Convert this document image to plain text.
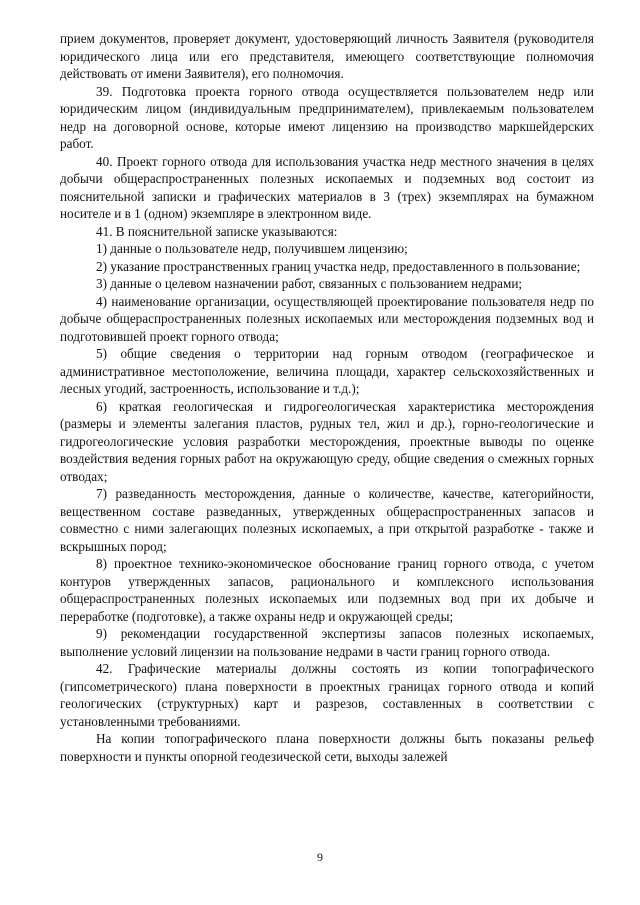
прием документов, проверяет документ, удостоверяющий личность Заявителя (руководителя юридического лица или его представителя, имеющего соответствующие полномочия действовать от имени Заявителя), его полномочия.

39. Подготовка проекта горного отвода осуществляется пользователем недр или юридическим лицом (индивидуальным предпринимателем), привлекаемым пользователем недр на договорной основе, которые имеют лицензию на производство маркшейдерских работ.

40. Проект горного отвода для использования участка недр местного значения в целях добычи общераспространенных полезных ископаемых и подземных вод состоит из пояснительной записки и графических материалов в 3 (трех) экземплярах на бумажном носителе и в 1 (одном) экземпляре в электронном виде.

41. В пояснительной записке указываются:

1) данные о пользователе недр, получившем лицензию;

2) указание пространственных границ участка недр, предоставленного в пользование;

3) данные о целевом назначении работ, связанных с пользованием недрами;

4) наименование организации, осуществляющей проектирование пользователя недр по добыче общераспространенных полезных ископаемых или месторождения подземных вод и подготовившей проект горного отвода;

5) общие сведения о территории над горным отводом (географическое и административное местоположение, величина площади, характер сельскохозяйственных и лесных угодий, застроенность, использование и т.д.);

6) краткая геологическая и гидрогеологическая характеристика месторождения (размеры и элементы залегания пластов, рудных тел, жил и др.), горно-геологические и гидрогеологические условия разработки месторождения, проектные выводы по оценке воздействия ведения горных работ на окружающую среду, общие сведения о смежных горных отводах;

7) разведанность месторождения, данные о количестве, качестве, категорийности, вещественном составе разведанных, утвержденных общераспространенных запасов и совместно с ними залегающих полезных ископаемых, а при открытой разработке - также и вскрышных пород;

8) проектное технико-экономическое обоснование границ горного отвода, с учетом контуров утвержденных запасов, рационального и комплексного использования общераспространенных полезных ископаемых или подземных вод при их добыче и переработке (подготовке), а также охраны недр и окружающей среды;

9) рекомендации государственной экспертизы запасов полезных ископаемых, выполнение условий лицензии на пользование недрами в части границ горного отвода.

42. Графические материалы должны состоять из копии топографического (гипсометрического) плана поверхности в проектных границах горного отвода и копий геологических (структурных) карт и разрезов, составленных в соответствии с установленными требованиями.

На копии топографического плана поверхности должны быть показаны рельеф поверхности и пункты опорной геодезической сети, выходы залежей

9
